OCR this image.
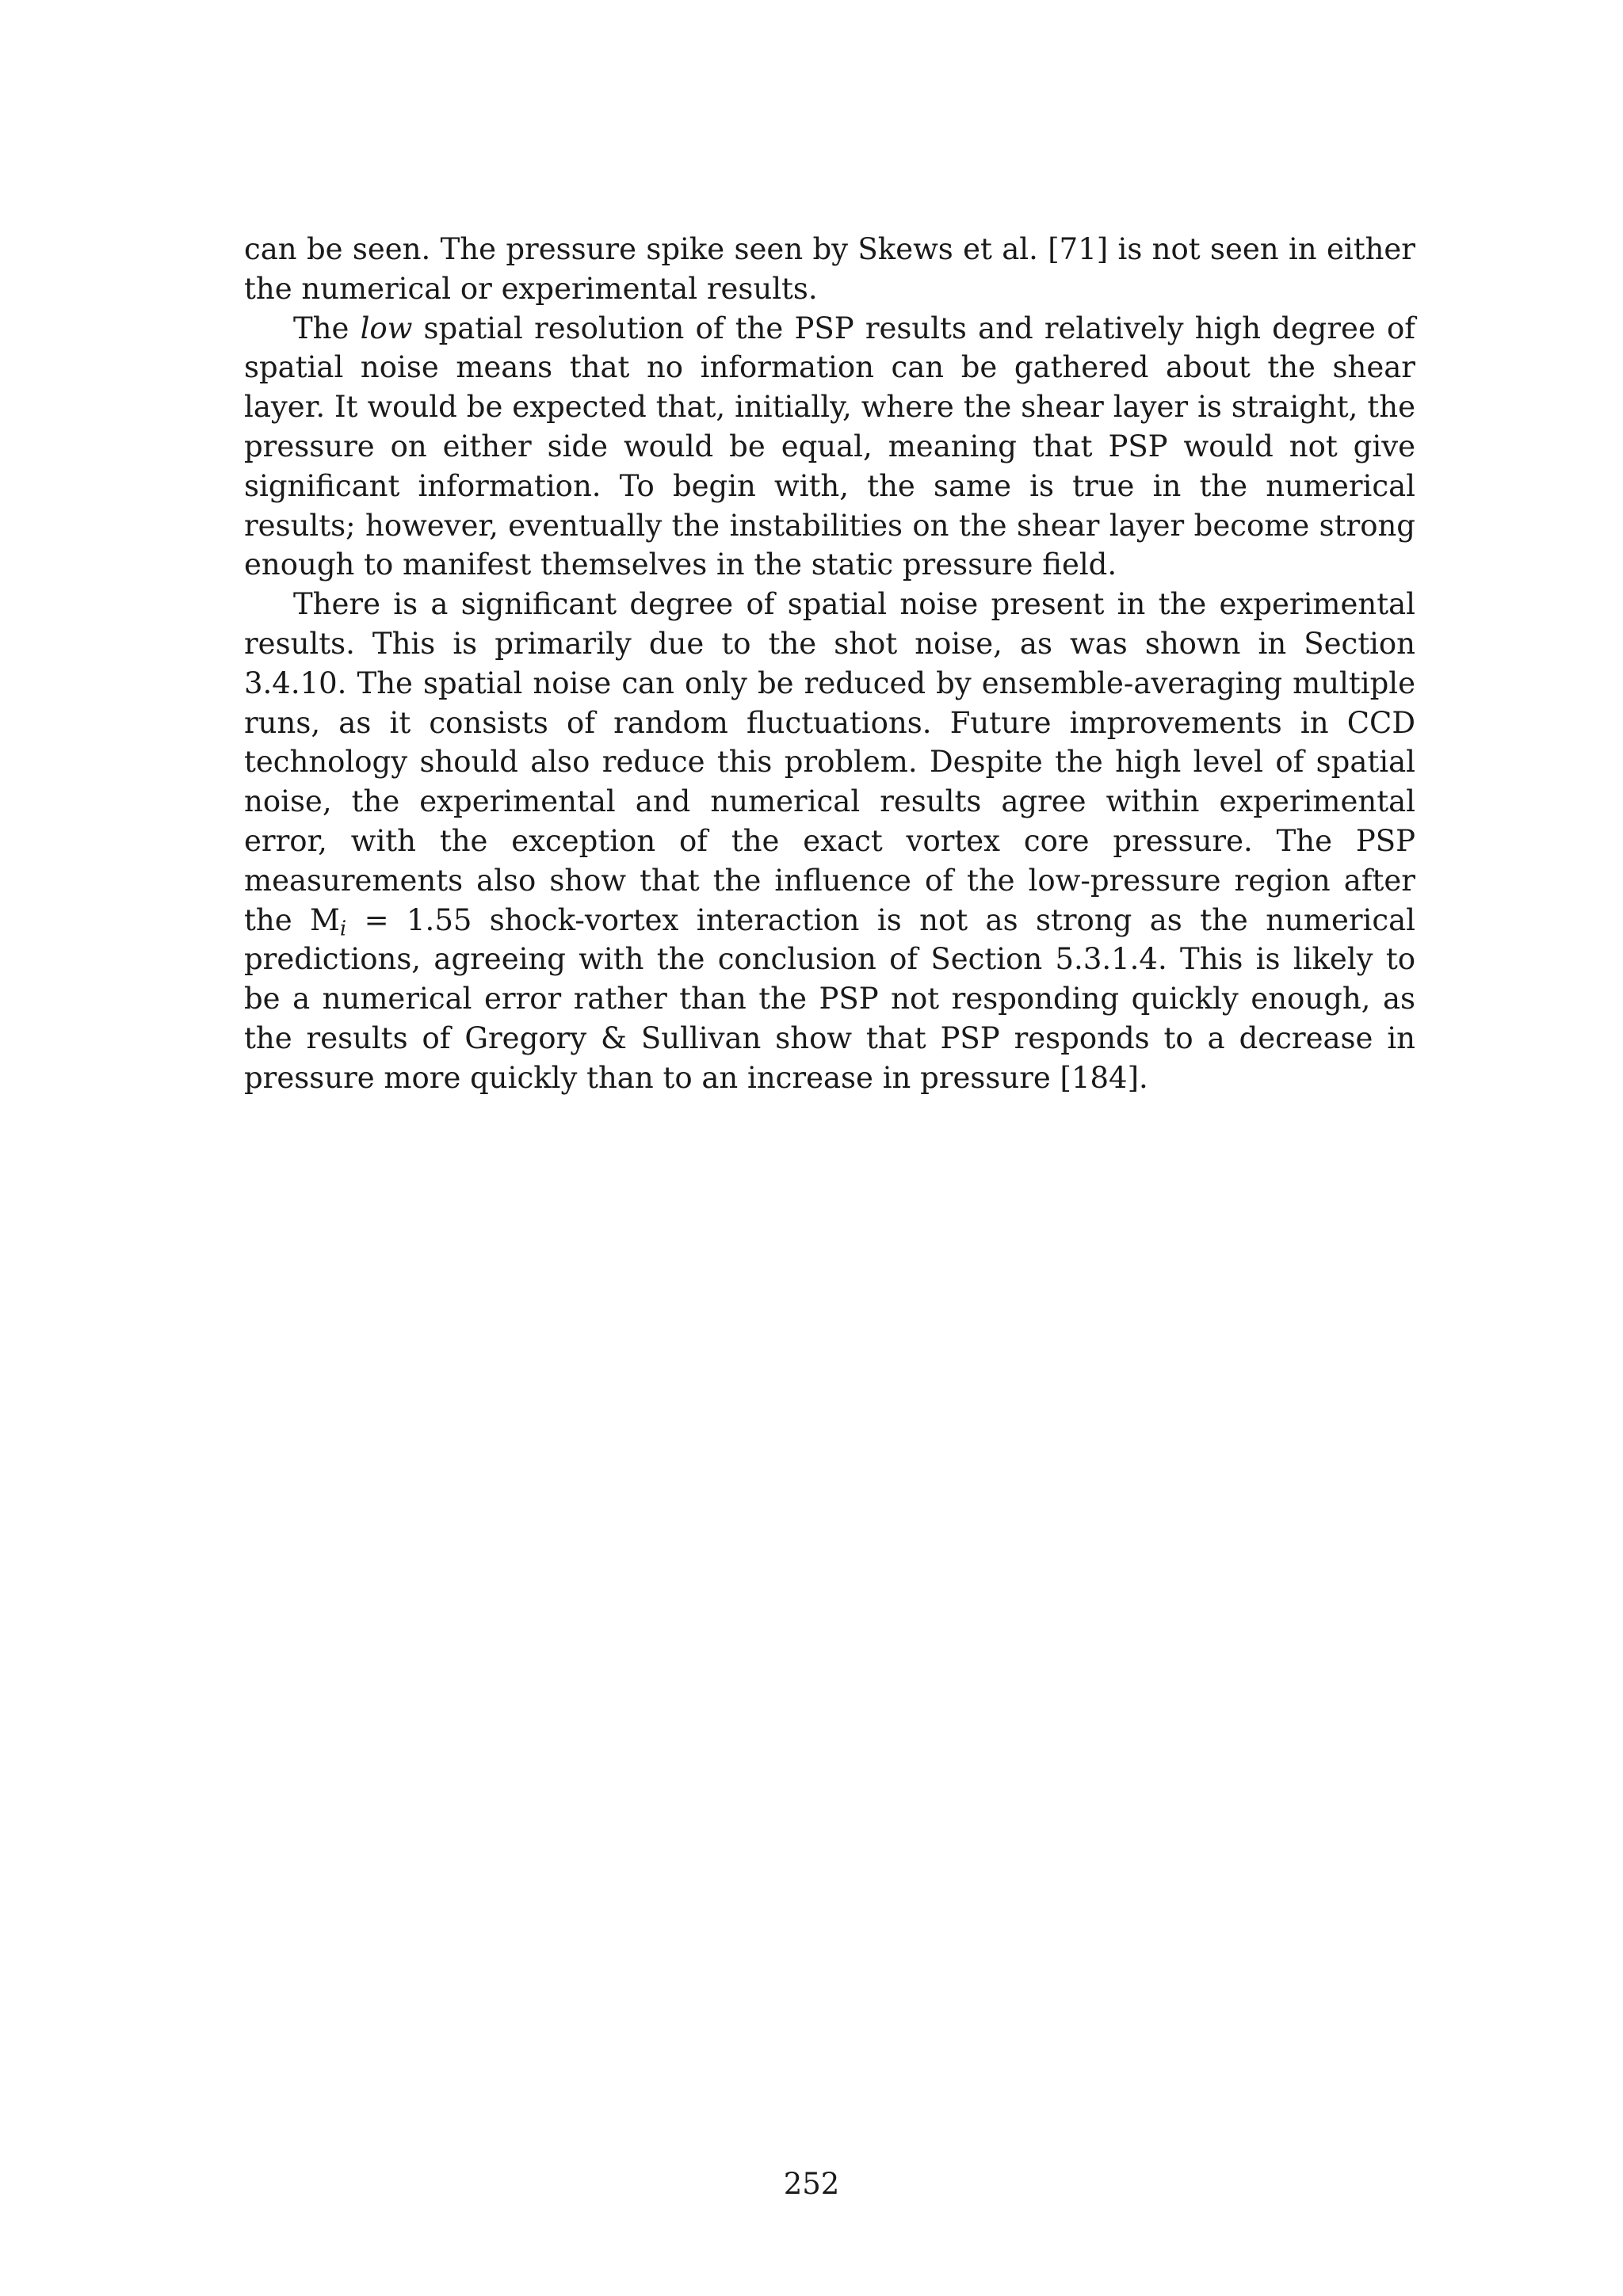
can be seen. The pressure spike seen by Skews et al. [71] is not seen in either the numerical or experimental results.

The low spatial resolution of the PSP results and relatively high degree of spatial noise means that no information can be gathered about the shear layer. It would be expected that, initially, where the shear layer is straight, the pressure on either side would be equal, meaning that PSP would not give significant information. To begin with, the same is true in the numerical results; however, eventually the instabilities on the shear layer become strong enough to manifest themselves in the static pressure field.

There is a significant degree of spatial noise present in the experimental results. This is primarily due to the shot noise, as was shown in Section 3.4.10. The spatial noise can only be reduced by ensemble-averaging multiple runs, as it consists of random fluctuations. Future improvements in CCD technology should also reduce this problem. Despite the high level of spatial noise, the experimental and numerical results agree within experimental error, with the exception of the exact vortex core pressure. The PSP measurements also show that the influence of the low-pressure region after the $M_i = 1.55$ shock-vortex interaction is not as strong as the numerical predictions, agreeing with the conclusion of Section 5.3.1.4. This is likely to be a numerical error rather than the PSP not responding quickly enough, as the results of Gregory & Sullivan show that PSP responds to a decrease in pressure more quickly than to an increase in pressure [184].

252
